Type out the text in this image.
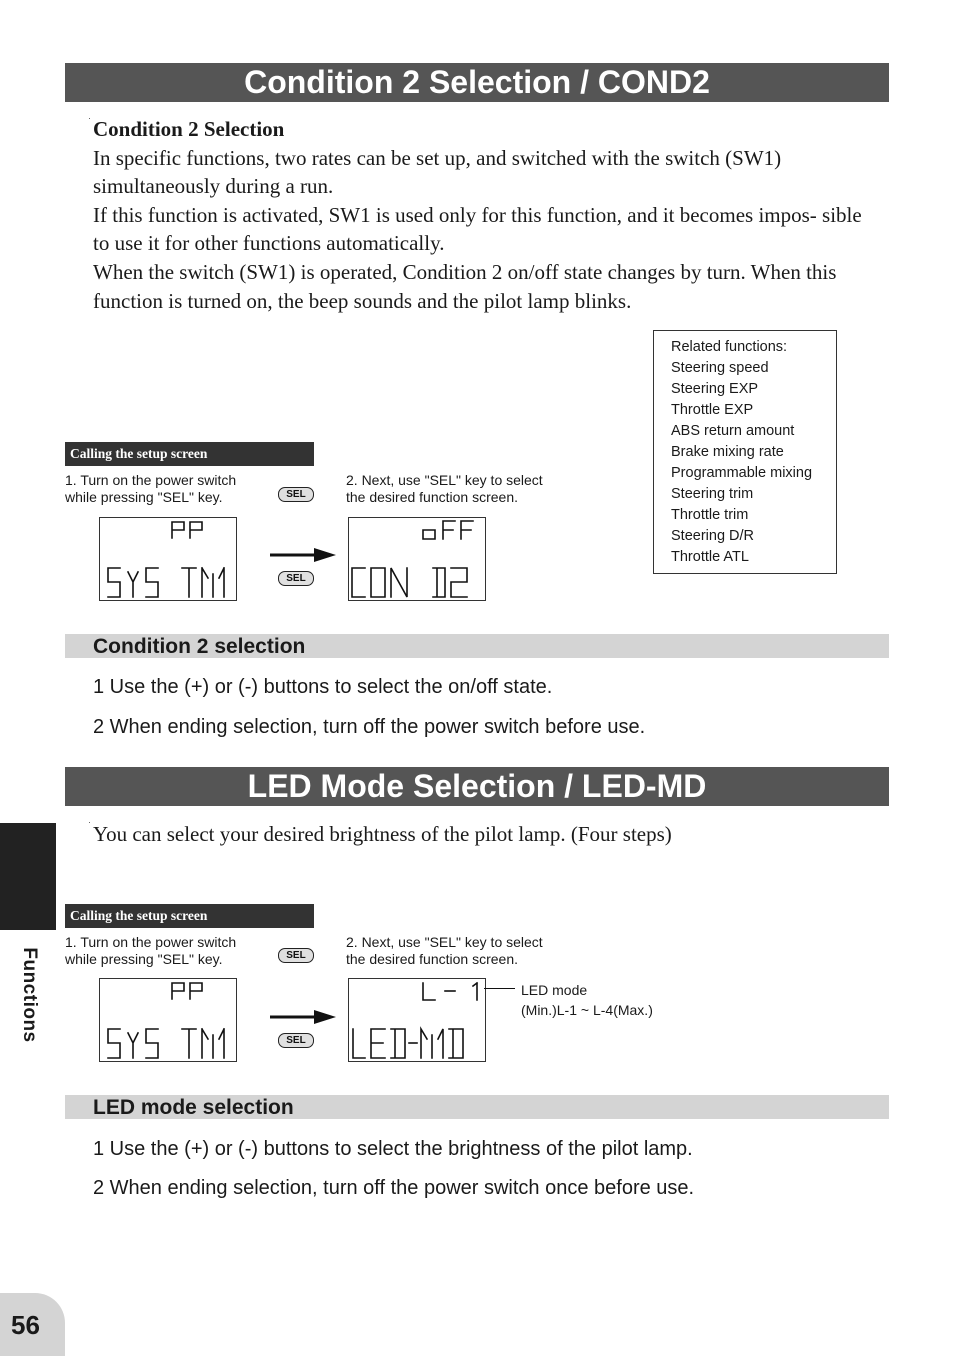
Condition 2 Selection / COND2

Condition 2 Selection

In specific functions, two rates can be set up, and switched with the switch (SW1) simultaneously during a run.

If this function is activated, SW1 is used only for this function, and it becomes impos- sible to use it for other functions automatically.

When the switch (SW1) is operated, Condition 2 on/off state changes by turn. When this function is turned on, the beep sounds and the pilot lamp blinks.

Related functions:
Steering speed
Steering EXP
Throttle EXP
ABS return amount
Brake mixing rate
Programmable mixing
Steering trim
Throttle trim
Steering D/R
Throttle ATL
Calling the setup screen
1. Turn on the power switch while pressing "SEL" key.
2. Next, use "SEL" key to select the desired function screen.
SEL
SEL
Condition 2 selection
1 Use the (+) or (-) buttons to select the on/off state.
2 When ending selection, turn off the power switch before use.
LED Mode Selection / LED-MD

You can select your desired brightness of the pilot lamp. (Four steps)

Calling the setup screen
1. Turn on the power switch while pressing "SEL" key.
2. Next, use "SEL" key to select the desired function screen.
SEL
SEL
LED mode
(Min.)L-1 ~ L-4(Max.)
LED mode selection
1 Use the (+) or (-) buttons to select the brightness of the pilot lamp.
2 When ending selection, turn off the power switch once before use.
Functions
56
